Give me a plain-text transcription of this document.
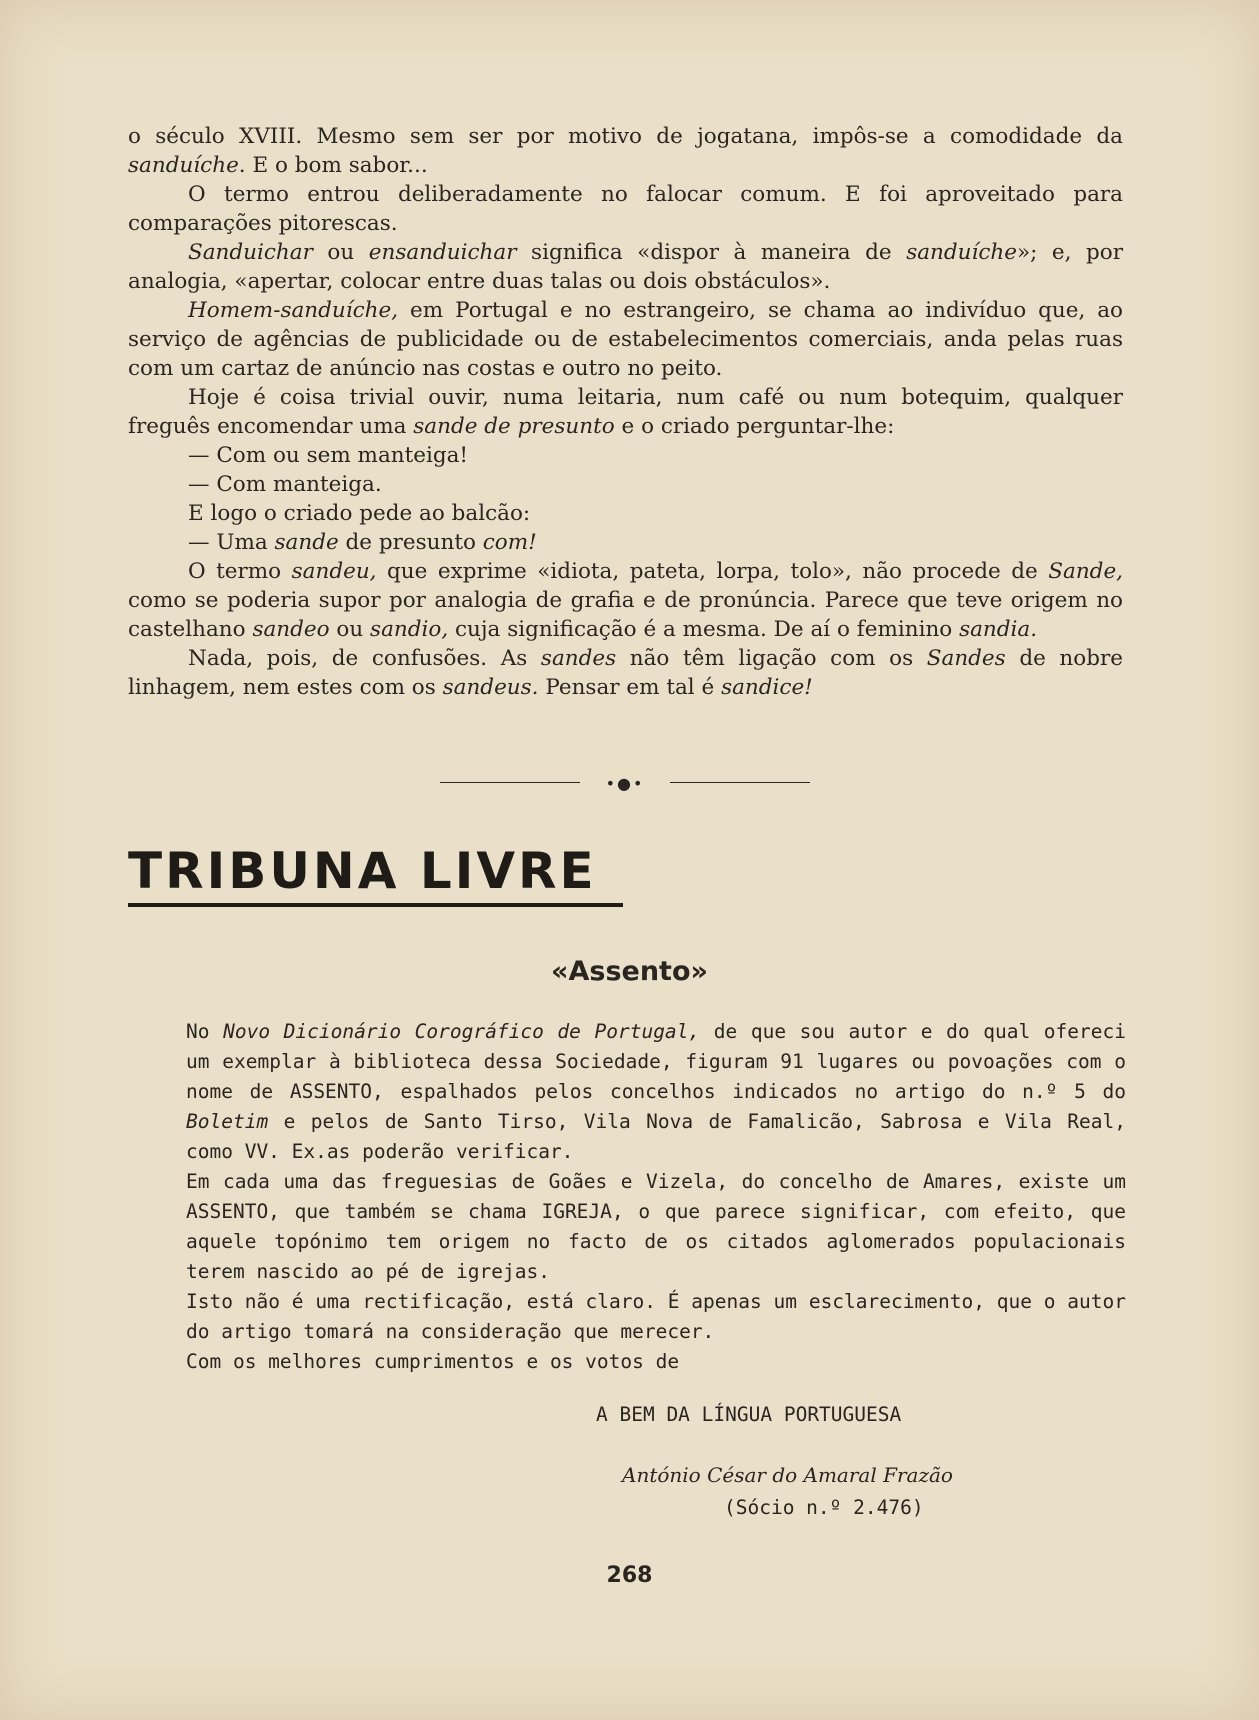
o século XVIII. Mesmo sem ser por motivo de jogatana, impôs-se a comodidade da sanduíche. E o bom sabor...

O termo entrou deliberadamente no falocar comum. E foi aproveitado para comparações pitorescas.

Sanduichar ou ensanduichar significa «dispor à maneira de sanduíche»; e, por analogia, «apertar, colocar entre duas talas ou dois obstáculos».

Homem-sanduíche, em Portugal e no estrangeiro, se chama ao indivíduo que, ao serviço de agências de publicidade ou de estabelecimentos comerciais, anda pelas ruas com um cartaz de anúncio nas costas e outro no peito.

Hoje é coisa trivial ouvir, numa leitaria, num café ou num botequim, qualquer freguês encomendar uma sande de presunto e o criado perguntar-lhe:

— Com ou sem manteiga!

— Com manteiga.

E logo o criado pede ao balcão:

— Uma sande de presunto com!

O termo sandeu, que exprime «idiota, pateta, lorpa, tolo», não procede de Sande, como se poderia supor por analogia de grafia e de pronúncia. Parece que teve origem no castelhano sandeo ou sandio, cuja significação é a mesma. De aí o feminino sandia.

Nada, pois, de confusões. As sandes não têm ligação com os Sandes de nobre linhagem, nem estes com os sandeus. Pensar em tal é sandice!

•●•
TRIBUNA LIVRE
«Assento»

No Novo Dicionário Corográfico de Portugal, de que sou autor e do qual ofereci um exemplar à biblioteca dessa Sociedade, figuram 91 lugares ou povoações com o nome de ASSENTO, espalhados pelos concelhos indicados no artigo do n.º 5 do Boletim e pelos de Santo Tirso, Vila Nova de Famalicão, Sabrosa e Vila Real, como VV. Ex.as poderão verificar.

Em cada uma das freguesias de Goães e Vizela, do concelho de Amares, existe um ASSENTO, que também se chama IGREJA, o que parece significar, com efeito, que aquele topónimo tem origem no facto de os citados aglomerados populacionais terem nascido ao pé de igrejas.

Isto não é uma rectificação, está claro. É apenas um esclarecimento, que o autor do artigo tomará na consideração que merecer.

Com os melhores cumprimentos e os votos de

A BEM DA LÍNGUA PORTUGUESA
António César do Amaral Frazão
(Sócio n.º 2.476)
268
